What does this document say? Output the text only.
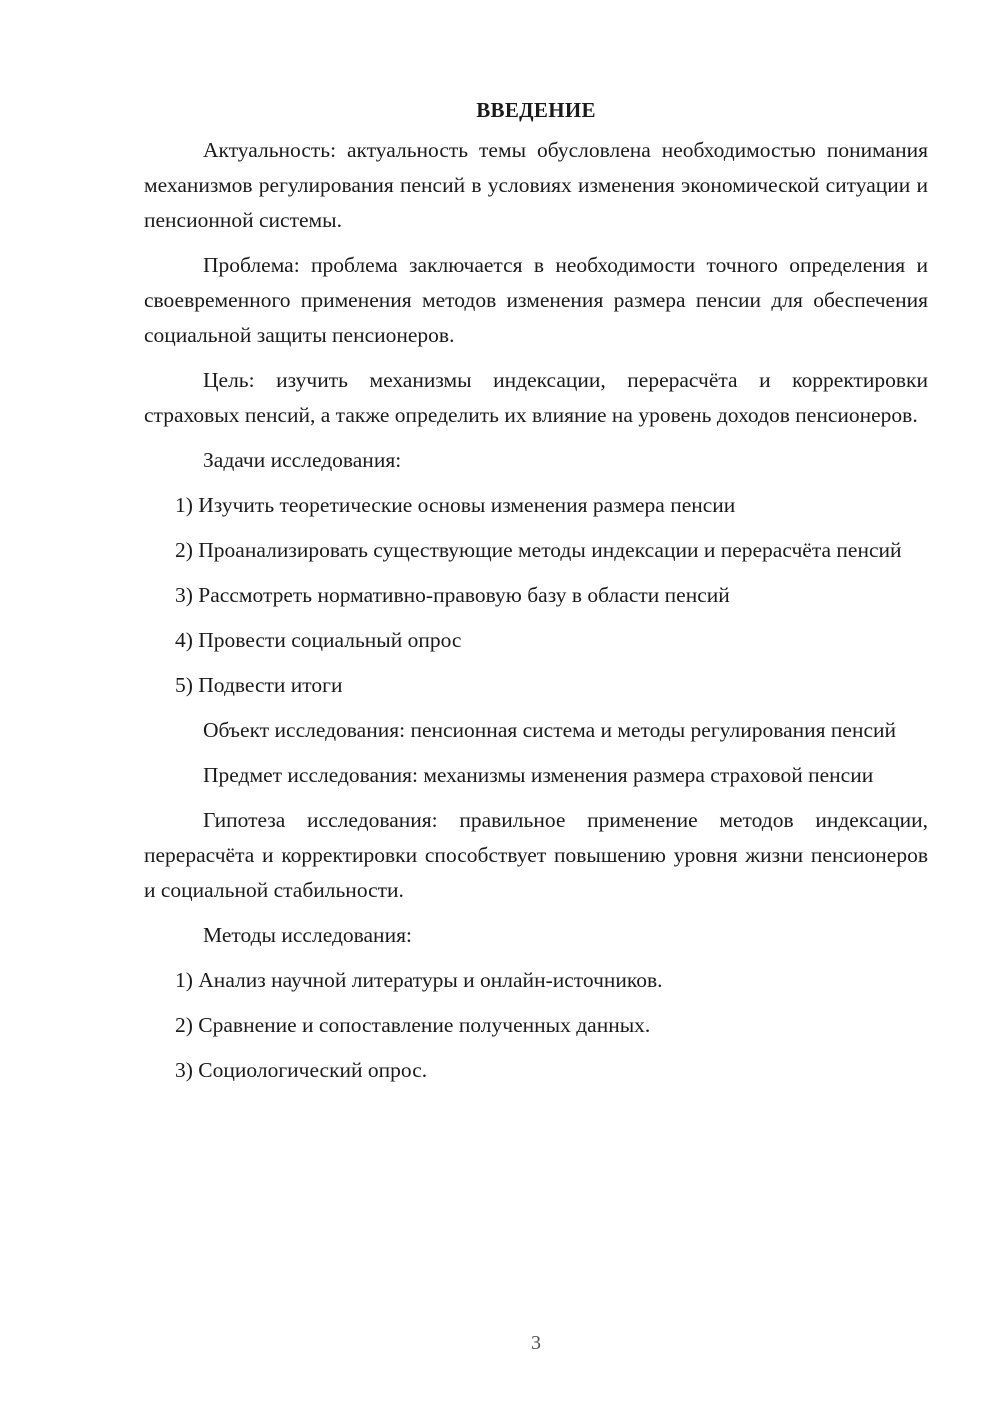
ВВЕДЕНИЕ

Актуальность: актуальность темы обусловлена необходимостью понимания механизмов регулирования пенсий в условиях изменения экономической ситуации и пенсионной системы.

Проблема: проблема заключается в необходимости точного определения и своевременного применения методов изменения размера пенсии для обеспечения социальной защиты пенсионеров.

Цель: изучить механизмы индексации, перерасчёта и корректировки страховых пенсий, а также определить их влияние на уровень доходов пенсионеров.

Задачи исследования:

1) Изучить теоретические основы изменения размера пенсии

2) Проанализировать существующие методы индексации и перерасчёта пенсий

3) Рассмотреть нормативно-правовую базу в области пенсий

4) Провести социальный опрос

5) Подвести итоги

Объект исследования: пенсионная система и методы регулирования пенсий

Предмет исследования: механизмы изменения размера страховой пенсии

Гипотеза исследования: правильное применение методов индексации, перерасчёта и корректировки способствует повышению уровня жизни пенсионеров и социальной стабильности.

Методы исследования:

1) Анализ научной литературы и онлайн-источников.

2) Сравнение и сопоставление полученных данных.

3) Социологический опрос.

3
